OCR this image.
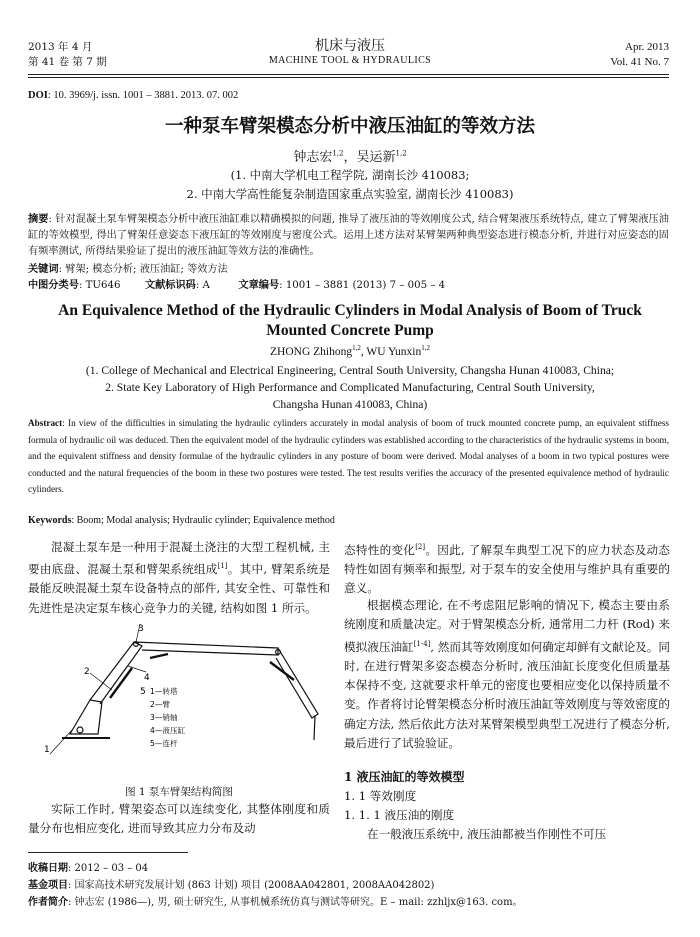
2013 年 4 月
第 41 卷 第 7 期
机床与液压
MACHINE TOOL & HYDRAULICS
Apr. 2013
Vol. 41 No. 7
DOI: 10. 3969/j. issn. 1001 – 3881. 2013. 07. 002
一种泵车臂架模态分析中液压油缸的等效方法
钟志宏$^{1,2}$，吴运新$^{1,2}$
(1. 中南大学机电工程学院, 湖南长沙 410083;
2. 中南大学高性能复杂制造国家重点实验室, 湖南长沙 410083)
摘要: 针对混凝土泵车臂架模态分析中液压油缸难以精确模拟的问题, 推导了液压油的等效刚度公式, 结合臂架液压系统特点, 建立了臂架液压油缸的等效模型, 得出了臂架任意姿态下液压缸的等效刚度与密度公式。运用上述方法对某臂架两种典型姿态进行模态分析, 并进行对应姿态的固有频率测试, 所得结果验证了提出的液压油缸等效方法的准确性。
关键词: 臂架; 模态分析; 液压油缸; 等效方法
中图分类号: TU646 文献标识码: A	文章编号: 1001 – 3881 (2013) 7 – 005 – 4
An Equivalence Method of the Hydraulic Cylinders in Modal Analysis of Boom of Truck
Mounted Concrete Pump
ZHONG Zhihong$^{1,2}$, WU Yunxin$^{1,2}$
(1. College of Mechanical and Electrical Engineering, Central South University, Changsha Hunan 410083, China;
2. State Key Laboratory of High Performance and Complicated Manufacturing, Central South University,
Changsha Hunan 410083, China)
Abstract: In view of the difficulties in simulating the hydraulic cylinders accurately in modal analysis of boom of truck mounted concrete pump, an equivalent stiffness formula of hydraulic oil was deduced. Then the equivalent model of the hydraulic cylinders was established according to the characteristics of the hydraulic systems in boom, and the equivalent stiffness and density formulae of the hydraulic cylinders in any posture of boom were derived. Modal analyses of a boom in two typical postures were conducted and the natural frequencies of the boom in these two postures were tested. The test results verifies the accuracy of the presented equivalence method of hydraulic cylinders.
Keywords: Boom; Modal analysis; Hydraulic cylinder; Equivalence method
混凝土泵车是一种用于混凝土浇注的大型工程机械, 主要由底盘、混凝土泵和臂架系统组成[1]。其中, 臂架系统是最能反映混凝土泵车设备特点的部件, 其安全性、可靠性和先进性是决定泵车核心竞争力的关键, 结构如图 1 所示。
1
2
3
4
5 1—转塔
2—臂
3—销轴
4—液压缸
5—连杆
图 1 泵车臂架结构简图
实际工作时, 臂架姿态可以连续变化, 其整体刚度和质量分布也相应变化, 进而导致其应力分布及动
态特性的变化[2]。因此, 了解泵车典型工况下的应力状态及动态特性如固有频率和振型, 对于泵车的安全使用与维护具有重要的意义。
根据模态理论, 在不考虑阻尼影响的情况下, 模态主要由系统刚度和质量决定。对于臂架模态分析, 通常用二力杆 (Rod) 来模拟液压油缸[1-4], 然而其等效刚度如何确定却鲜有文献论及。同时, 在进行臂架多姿态模态分析时, 液压油缸长度变化但质量基本保持不变, 这就要求杆单元的密度也要相应变化以保持质量不变。作者将讨论臂架模态分析时液压油缸等效刚度与等效密度的确定方法, 然后依此方法对某臂架模型典型工况进行了模态分析, 最后进行了试验验证。
1 液压油缸的等效模型
1. 1 等效刚度
1. 1. 1 液压油的刚度
在一般液压系统中, 液压油都被当作刚性不可压
收稿日期: 2012 – 03 – 04
基金项目: 国家高技术研究发展计划 (863 计划) 项目 (2008AA042801, 2008AA042802)
作者简介: 钟志宏 (1986—), 男, 硕士研究生, 从事机械系统仿真与测试等研究。E – mail: zzhljx@163. com。
